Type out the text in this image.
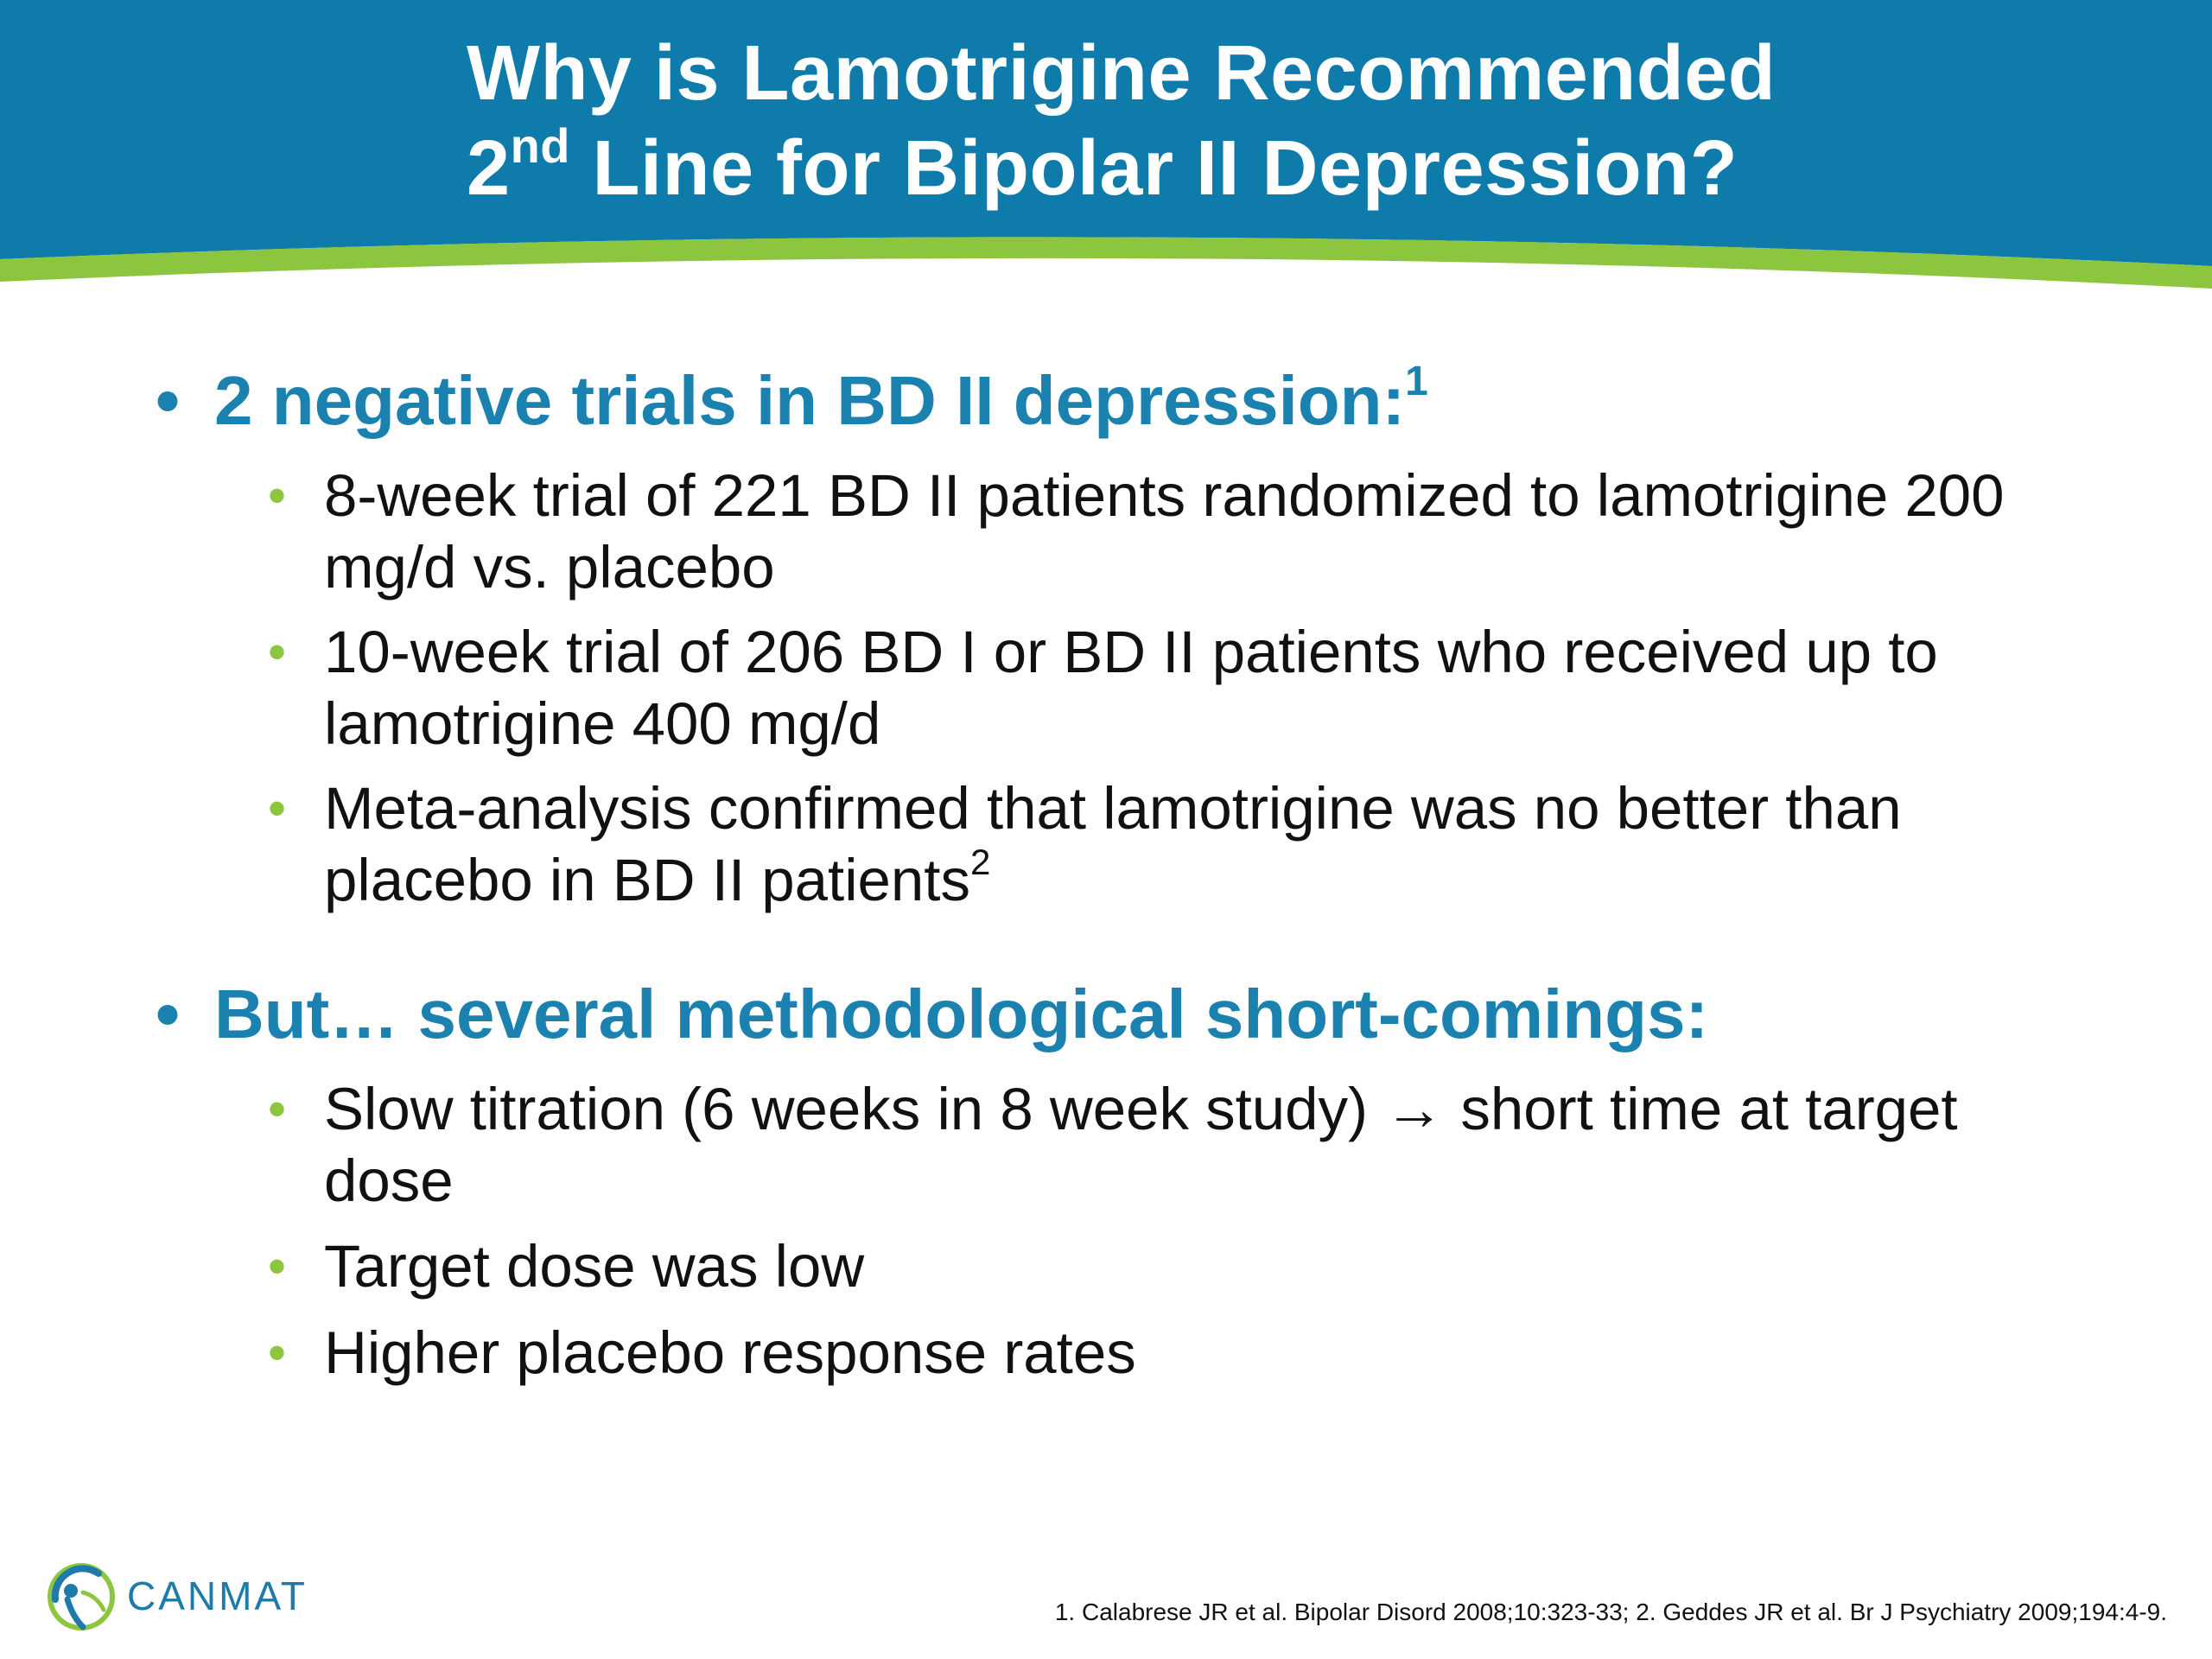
Why is Lamotrigine Recommended
2nd Line for Bipolar II Depression?
• 2 negative trials in BD II depression:$^1$
• 8-week trial of 221 BD II patients randomized to lamotrigine 200 mg/d vs. placebo
• 10-week trial of 206 BD I or BD II patients who received up to lamotrigine 400 mg/d
• Meta-analysis confirmed that lamotrigine was no better than placebo in BD II patients$^2$
• But… several methodological short-comings:
• Slow titration (6 weeks in 8 week study) → short time at target dose
• Target dose was low
• Higher placebo response rates
CANMAT	1. Calabrese JR et al. Bipolar Disord 2008;10:323-33; 2. Geddes JR et al. Br J Psychiatry 2009;194:4-9.
